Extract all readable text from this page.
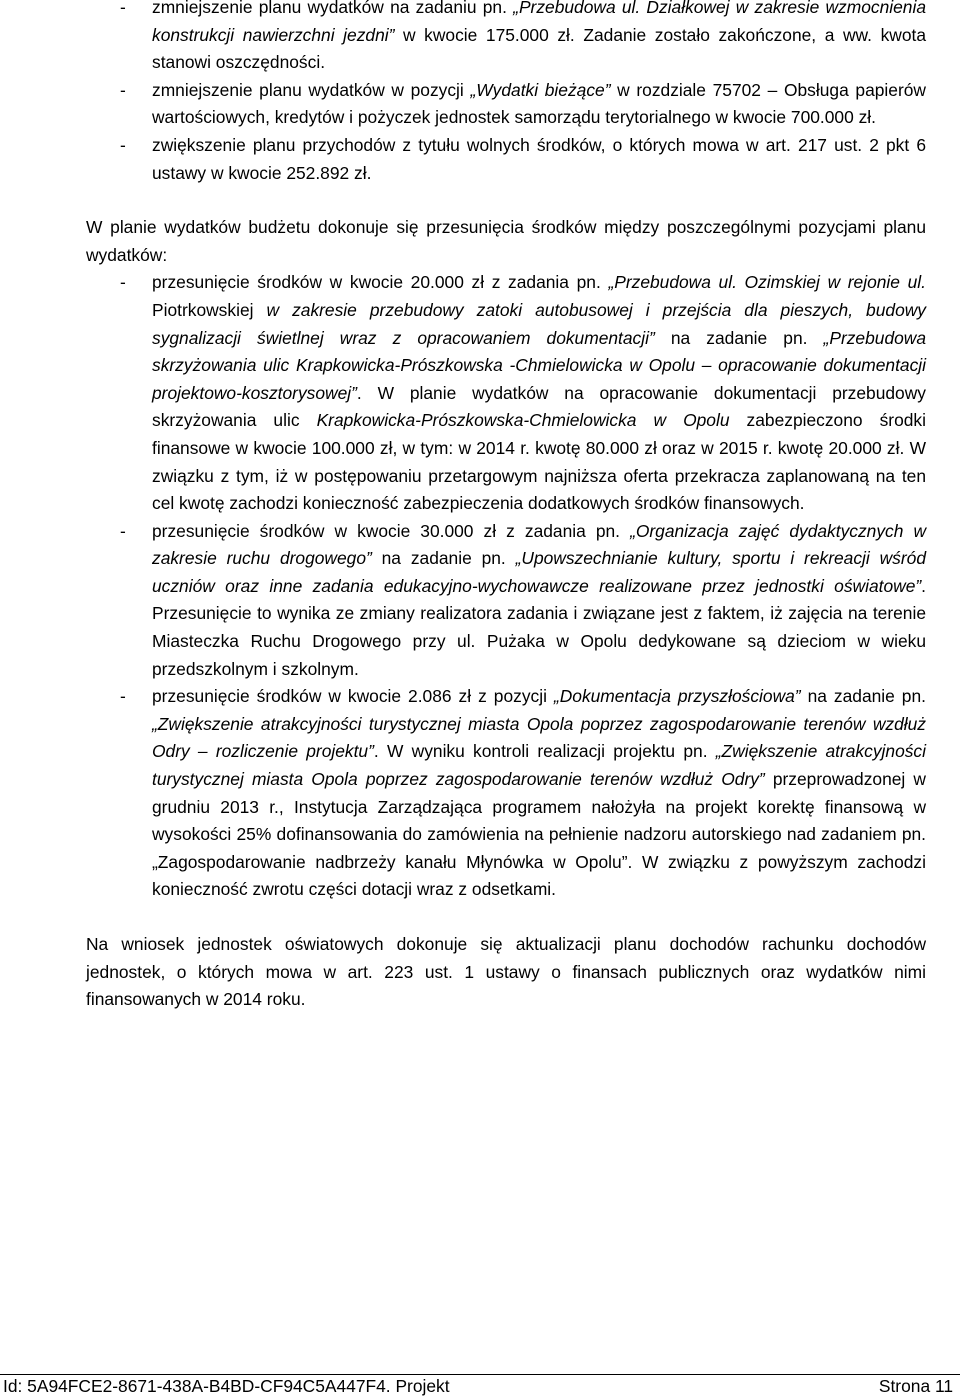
- zmniejszenie planu wydatków na zadaniu pn. „Przebudowa ul. Działkowej w zakresie wzmocnienia konstrukcji nawierzchni jezdni” w kwocie 175.000 zł. Zadanie zostało zakończone, a ww. kwota stanowi oszczędności.
- zmniejszenie planu wydatków w pozycji „Wydatki bieżące” w rozdziale 75702 – Obsługa papierów wartościowych, kredytów i pożyczek jednostek samorządu terytorialnego w kwocie 700.000 zł.
- zwiększenie planu przychodów z tytułu wolnych środków, o których mowa w art. 217 ust. 2 pkt 6 ustawy w kwocie 252.892 zł.
W planie wydatków budżetu dokonuje się przesunięcia środków między poszczególnymi pozycjami planu wydatków:
- przesunięcie środków w kwocie 20.000 zł z zadania pn. „Przebudowa ul. Ozimskiej w rejonie ul. Piotrkowskiej w zakresie przebudowy zatoki autobusowej i przejścia dla pieszych, budowy sygnalizacji świetlnej wraz z opracowaniem dokumentacji” na zadanie pn. „Przebudowa skrzyżowania ulic Krapkowicka-Prószkowska -Chmielowicka w Opolu – opracowanie dokumentacji projektowo-kosztorysowej”. W planie wydatków na opracowanie dokumentacji przebudowy skrzyżowania ulic Krapkowicka-Prószkowska-Chmielowicka w Opolu zabezpieczono środki finansowe w kwocie 100.000 zł, w tym: w 2014 r. kwotę 80.000 zł oraz w 2015 r. kwotę 20.000 zł. W związku z tym, iż w postępowaniu przetargowym najniższa oferta przekracza zaplanowaną na ten cel kwotę zachodzi konieczność zabezpieczenia dodatkowych środków finansowych.
- przesunięcie środków w kwocie 30.000 zł z zadania pn. „Organizacja zajęć dydaktycznych w zakresie ruchu drogowego” na zadanie pn. „Upowszechnianie kultury, sportu i rekreacji wśród uczniów oraz inne zadania edukacyjno-wychowawcze realizowane przez jednostki oświatowe”. Przesunięcie to wynika ze zmiany realizatora zadania i związane jest z faktem, iż zajęcia na terenie Miasteczka Ruchu Drogowego przy ul. Pużaka w Opolu dedykowane są dzieciom w wieku przedszkolnym i szkolnym.
- przesunięcie środków w kwocie 2.086 zł z pozycji „Dokumentacja przyszłościowa” na zadanie pn. „Zwiększenie atrakcyjności turystycznej miasta Opola poprzez zagospodarowanie terenów wzdłuż Odry – rozliczenie projektu”. W wyniku kontroli realizacji projektu pn. „Zwiększenie atrakcyjności turystycznej miasta Opola poprzez zagospodarowanie terenów wzdłuż Odry” przeprowadzonej w grudniu 2013 r., Instytucja Zarządzająca programem nałożyła na projekt korektę finansową w wysokości 25% dofinansowania do zamówienia na pełnienie nadzoru autorskiego nad zadaniem pn. „Zagospodarowanie nadbrzeży kanału Młynówka w Opolu”. W związku z powyższym zachodzi konieczność zwrotu części dotacji wraz z odsetkami.
Na wniosek jednostek oświatowych dokonuje się aktualizacji planu dochodów rachunku dochodów jednostek, o których mowa w art. 223 ust. 1 ustawy o finansach publicznych oraz wydatków nimi finansowanych w 2014 roku.
Id: 5A94FCE2-8671-438A-B4BD-CF94C5A447F4. Projekt	Strona 11
